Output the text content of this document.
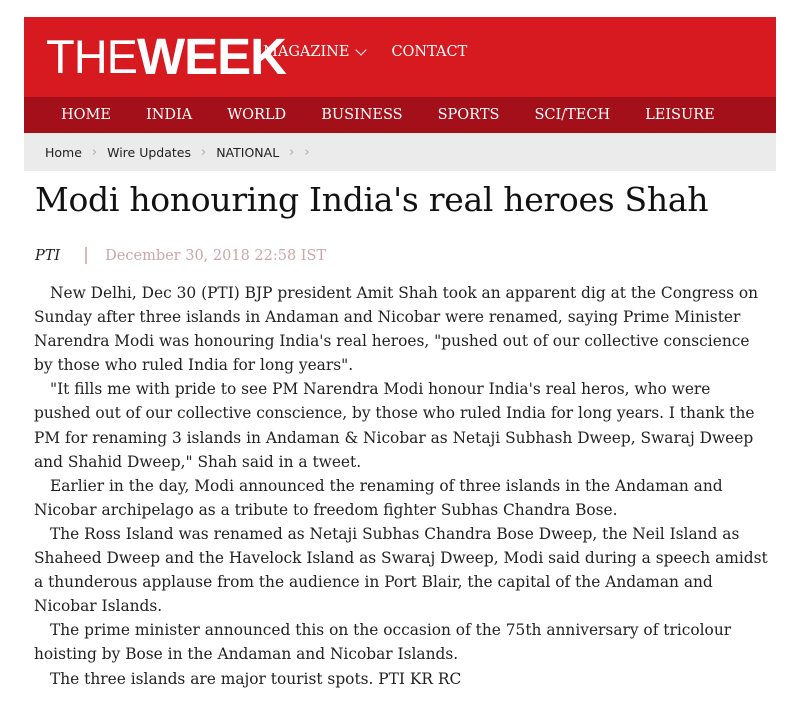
THE WEEK
MAGAZINE	CONTACT
HOME INDIA WORLD BUSINESS SPORTS SCI/TECH LEISURE
Home › Wire Updates › NATIONAL › ›
Modi honouring India's real heroes Shah
PTI	December 30, 2018 22:58 IST

New Delhi, Dec 30 (PTI) BJP president Amit Shah took an apparent dig at the Congress on Sunday after three islands in Andaman and Nicobar were renamed, saying Prime Minister Narendra Modi was honouring India's real heroes, "pushed out of our collective conscience by those who ruled India for long years".

"It fills me with pride to see PM Narendra Modi honour India's real heros, who were pushed out of our collective conscience, by those who ruled India for long years. I thank the PM for renaming 3 islands in Andaman & Nicobar as Netaji Subhash Dweep, Swaraj Dweep and Shahid Dweep," Shah said in a tweet.

Earlier in the day, Modi announced the renaming of three islands in the Andaman and Nicobar archipelago as a tribute to freedom fighter Subhas Chandra Bose.

The Ross Island was renamed as Netaji Subhas Chandra Bose Dweep, the Neil Island as Shaheed Dweep and the Havelock Island as Swaraj Dweep, Modi said during a speech amidst a thunderous applause from the audience in Port Blair, the capital of the Andaman and Nicobar Islands.

The prime minister announced this on the occasion of the 75th anniversary of tricolour hoisting by Bose in the Andaman and Nicobar Islands.

The three islands are major tourist spots. PTI KR RC
